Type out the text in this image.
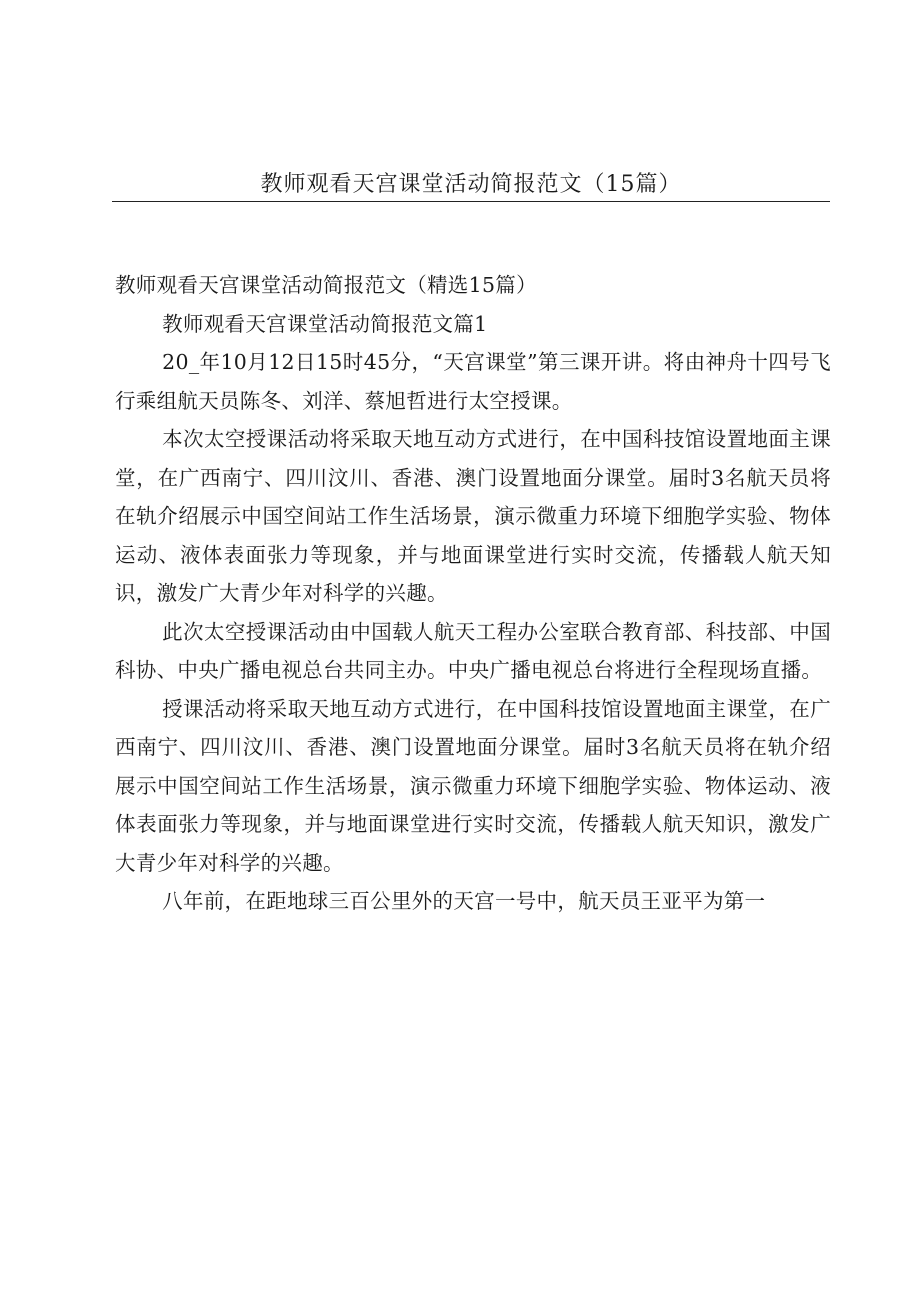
教师观看天宫课堂活动简报范文（15篇）

教师观看天宫课堂活动简报范文（精选15篇）

教师观看天宫课堂活动简报范文篇1

20_年10月12日15时45分，“天宫课堂”第三课开讲。将由神舟十四号飞行乘组航天员陈冬、刘洋、蔡旭哲进行太空授课。

本次太空授课活动将采取天地互动方式进行，在中国科技馆设置地面主课堂，在广西南宁、四川汶川、香港、澳门设置地面分课堂。届时3名航天员将在轨介绍展示中国空间站工作生活场景，演示微重力环境下细胞学实验、物体运动、液体表面张力等现象，并与地面课堂进行实时交流，传播载人航天知识，激发广大青少年对科学的兴趣。

此次太空授课活动由中国载人航天工程办公室联合教育部、科技部、中国科协、中央广播电视总台共同主办。中央广播电视总台将进行全程现场直播。

授课活动将采取天地互动方式进行，在中国科技馆设置地面主课堂，在广西南宁、四川汶川、香港、澳门设置地面分课堂。届时3名航天员将在轨介绍展示中国空间站工作生活场景，演示微重力环境下细胞学实验、物体运动、液体表面张力等现象，并与地面课堂进行实时交流，传播载人航天知识，激发广大青少年对科学的兴趣。

八年前，在距地球三百公里外的天宫一号中，航天员王亚平为第一
